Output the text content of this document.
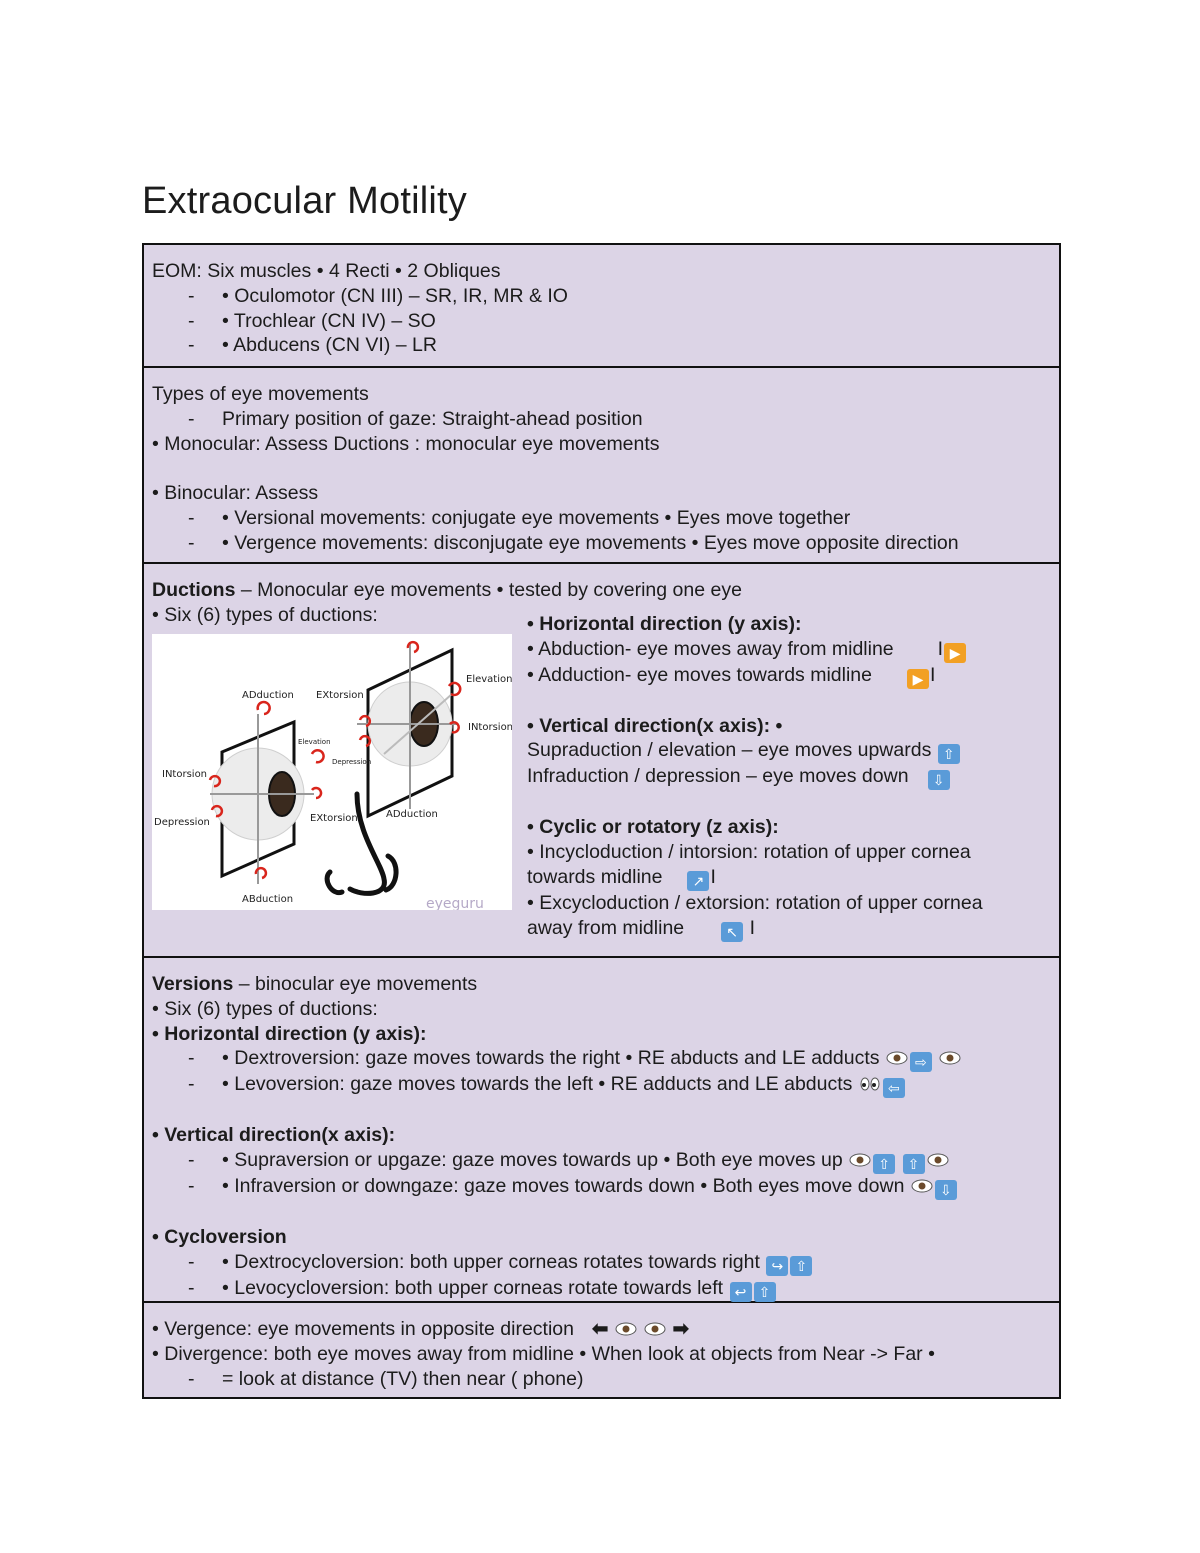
Extraocular Motility
EOM: Six muscles • 4 Recti • 2 Obliques
- • Oculomotor (CN III) – SR, IR, MR & IO
- • Trochlear (CN IV) – SO
- • Abducens (CN VI) – LR
Types of eye movements
- Primary position of gaze: Straight-ahead position
• Monocular: Assess Ductions : monocular eye movements
• Binocular: Assess
- • Versional movements: conjugate eye movements • Eyes move together
- • Vergence movements: disconjugate eye movements • Eyes move opposite direction
Ductions – Monocular eye movements • tested by covering one eye
• Six (6) types of ductions:
ADduction EXtorsion
Elevation
INtorsion
Elevation
Depression
INtorsion
Depression	EXtorsion	ADduction
ABduction	eyeguru
• Horizontal direction (y axis):
• Abduction- eye moves away from midline I ▶
• Adduction- eye moves towards midline	▶ I
• Vertical direction(x axis): •
Supraduction / elevation – eye moves upwards ⇧
Infraduction / depression – eye moves down ⇩
• Cyclic or rotatory (z axis):
• Incycloduction / intorsion: rotation of upper cornea
towards midline ↗ I
• Excycloduction / extorsion: rotation of upper cornea
away from midline	↖ I
Versions – binocular eye movements
• Six (6) types of ductions:
• Horizontal direction (y axis):
- • Dextroversion: gaze moves towards the right • RE abducts and LE adducts	⇨
- • Levoversion: gaze moves towards the left • RE adducts and LE abducts	⇦
• Vertical direction(x axis):
- • Supraversion or upgaze: gaze moves towards up • Both eye moves up	⇧ ⇧
- • Infraversion or downgaze: gaze moves towards down • Both eyes move down	⇩
• Cycloversion
- • Dextrocycloversion: both upper corneas rotates towards right ↪ ⇧
- • Levocycloversion: both upper corneas rotate towards left ↩ ⇧
• Vergence: eye movements in opposite direction ⬅	➡
• Divergence: both eye moves away from midline • When look at objects from Near -> Far •
- = look at distance (TV) then near ( phone)
